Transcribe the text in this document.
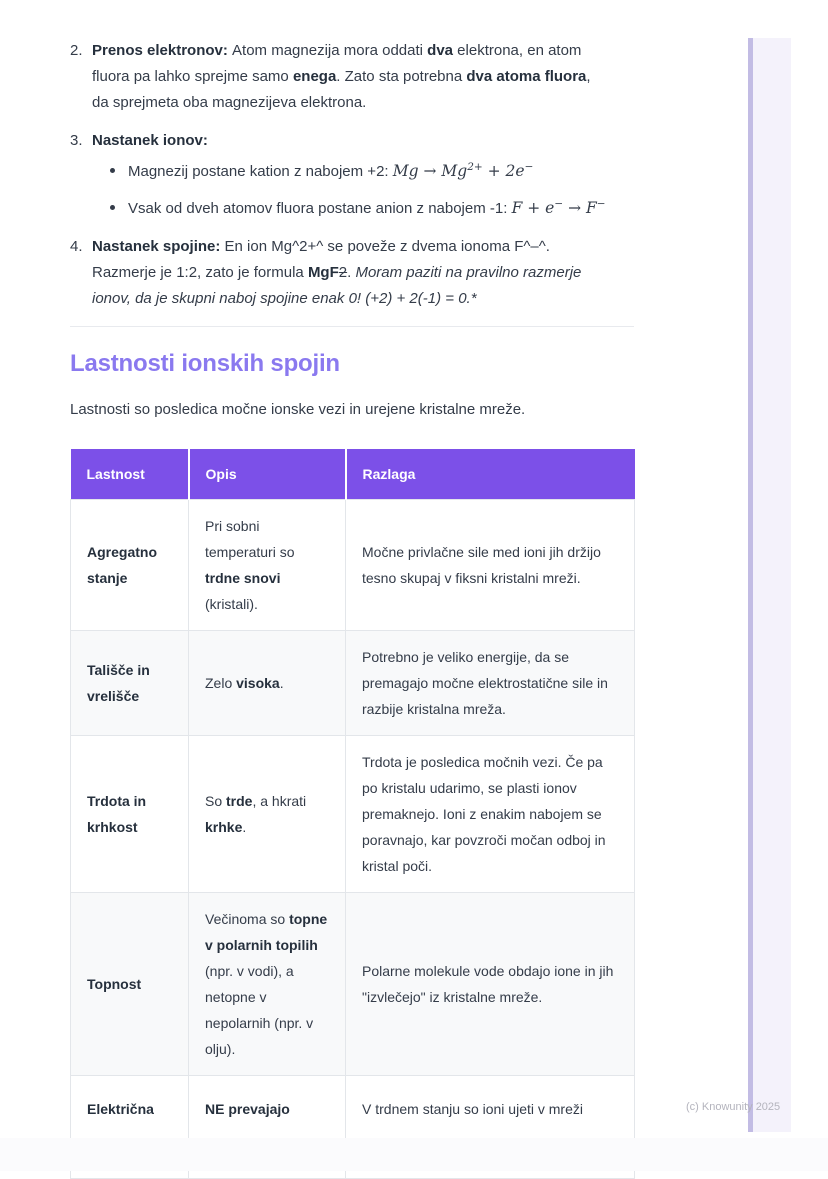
2. Prenos elektronov: Atom magnezija mora oddati dva elektrona, en atom
fluora pa lahko sprejme samo enega. Zato sta potrebna dva atoma fluora,
da sprejmeta oba magnezijeva elektrona.
3. Nastanek ionov:
Magnezij postane kation z nabojem +2: $Mg \to Mg^{2+} + 2e^-$
Vsak od dveh atomov fluora postane anion z nabojem -1: F + e− → F−
4. Nastanek spojine: En ion Mg^2+^ se poveže z dvema ionoma F^–^.
Razmerje je 1:2, zato je formula MgF2. Moram paziti na pravilno razmerje
ionov, da je skupni naboj spojine enak 0! (+2) + 2(-1) = 0.*
Lastnosti ionskih spojin

Lastnosti so posledica močne ionske vezi in urejene kristalne mreže.

Lastnost	Opis	Razlaga
Agregatno stanje	Pri sobni temperaturi so trdne snovi (kristali).	Močne privlačne sile med ioni jih držijo tesno skupaj v fiksni kristalni mreži.
Tališče in vrelišče	Zelo visoka.	Potrebno je veliko energije, da se premagajo močne elektrostatične sile in razbije kristalna mreža.
Trdota in krhkost	So trde, a hkrati krhke.	Trdota je posledica močnih vezi. Če pa po kristalu udarimo, se plasti ionov premaknejo. Ioni z enakim nabojem se poravnajo, kar povzroči močan odboj in kristal poči.
Topnost	Večinoma so topne v polarnih topilih (npr. v vodi), a netopne v nepolarnih (npr. v olju).	Polarne molekule vode obdajo ione in jih "izvlečejo" iz kristalne mreže.
Električna	NE prevajajo	V trdnem stanju so ioni ujeti v mreži	(c) Knowunity 2025
